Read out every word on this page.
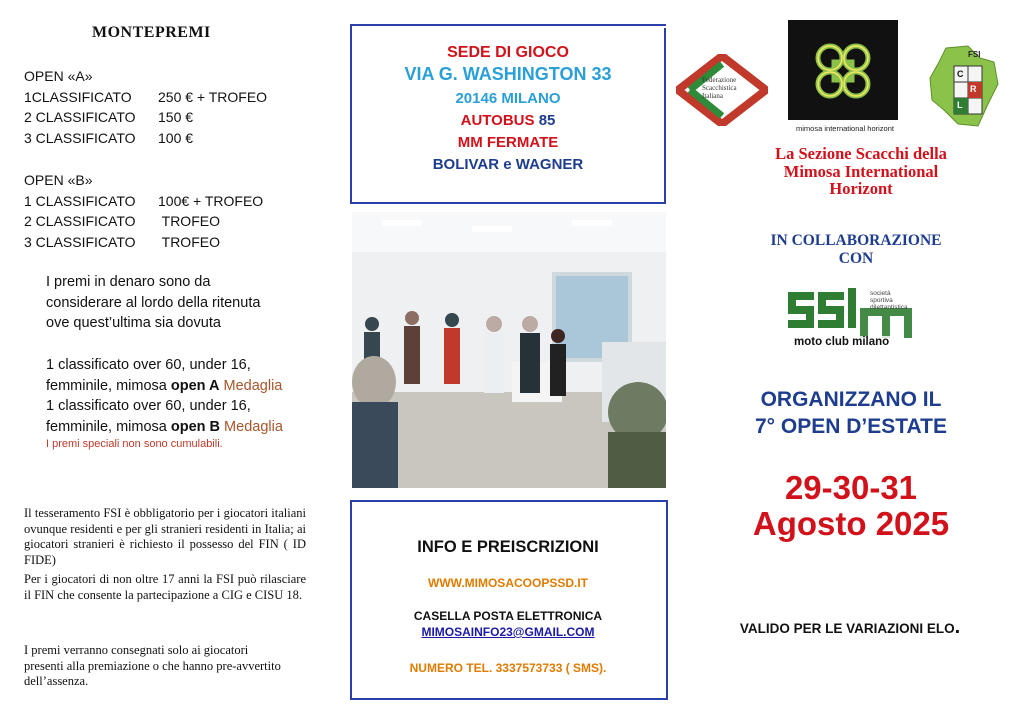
MONTEPREMI
OPEN «A»
1CLASSIFICATO	250 € + TROFEO
2 CLASSIFICATO	150 €
3 CLASSIFICATO	100 €
OPEN «B»
1 CLASSIFICATO	100€ + TROFEO
2 CLASSIFICATO	TROFEO
3 CLASSIFICATO	TROFEO
I premi in denaro sono da
considerare al lordo della ritenuta
ove quest’ultima sia dovuta
1 classificato over 60, under 16,
femminile, mimosa open A Medaglia
1 classificato over 60, under 16,
femminile, mimosa open B Medaglia
I premi speciali non sono cumulabili.
Il tesseramento FSI è obbligatorio per i giocatori italiani ovunque residenti e per gli stranieri residenti in Italia; ai giocatori stranieri è richiesto il possesso del FIN ( ID FIDE)
Per i giocatori di non oltre 17 anni la FSI può rilasciare il FIN che consente la partecipazione a CIG e CISU 18.
I premi verranno consegnati solo ai giocatori presenti alla premiazione o che hanno pre-avvertito dell’assenza.
SEDE DI GIOCO
VIA G. WASHINGTON 33
20146 MILANO
AUTOBUS 85
MM FERMATE
BOLIVAR e WAGNER
INFO E PREISCRIZIONI
WWW.MIMOSACOOPSSD.IT
CASELLA POSTA ELETTRONICA
MIMOSAINFO23@GMAIL.COM
NUMERO TEL. 3337573733 ( SMS).
Federazione
Scacchistica
Italiana
mimosa international horizont
FSI
C
R
L
La Sezione Scacchi della
Mimosa International
Horizont
IN COLLABORAZIONE
CON
società
sportiva
dilettantistica
moto club milano
ORGANIZZANO IL
7° OPEN D’ESTATE
29-30-31
Agosto 2025
VALIDO PER LE VARIAZIONI ELO.
